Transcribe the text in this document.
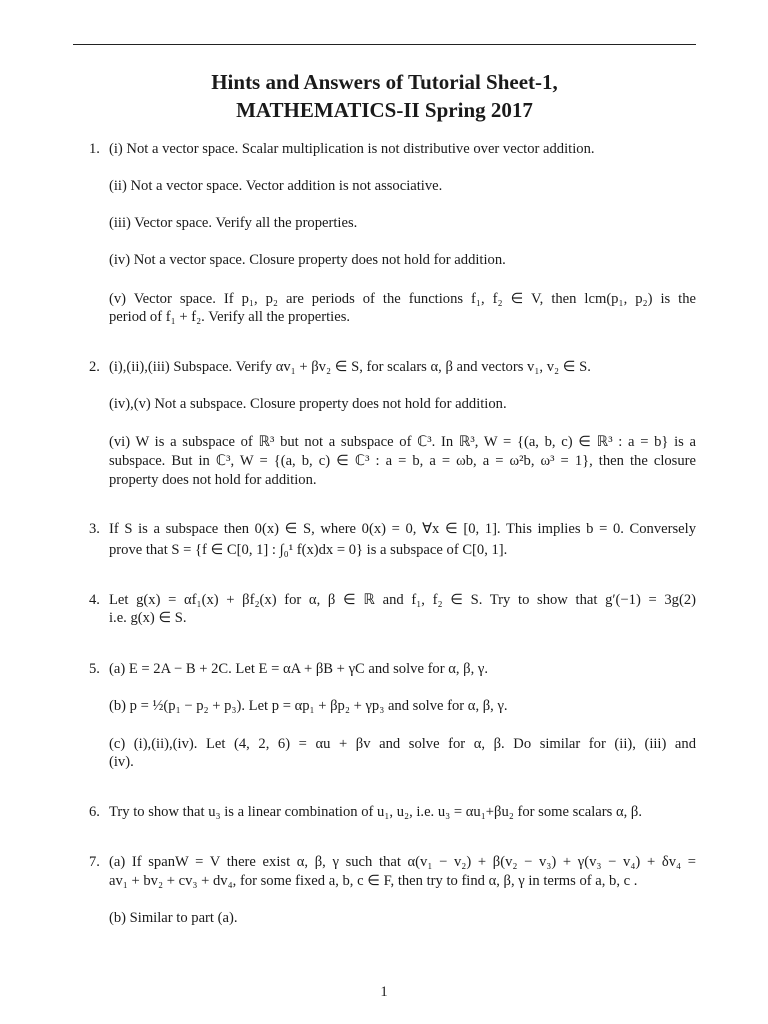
Hints and Answers of Tutorial Sheet-1,
MATHEMATICS-II Spring 2017
1. (i) Not a vector space. Scalar multiplication is not distributive over vector addition.
(ii) Not a vector space. Vector addition is not associative.
(iii) Vector space. Verify all the properties.
(iv) Not a vector space. Closure property does not hold for addition.
(v) Vector space. If p₁, p₂ are periods of the functions f₁, f₂ ∈ V, then lcm(p₁, p₂) is the
period of f₁ + f₂. Verify all the properties.
2. (i),(ii),(iii) Subspace. Verify αv₁ + βv₂ ∈ S, for scalars α, β and vectors v₁, v₂ ∈ S.
(iv),(v) Not a subspace. Closure property does not hold for addition.
(vi) W is a subspace of ℝ³ but not a subspace of ℂ³. In ℝ³, W = {(a, b, c) ∈ ℝ³ : a = b} is a
subspace. But in ℂ³, W = {(a, b, c) ∈ ℂ³ : a = b, a = ωb, a = ω²b, ω³ = 1}, then the closure
property does not hold for addition.
3. If S is a subspace then 0(x) ∈ S, where 0(x) = 0, ∀x ∈ [0, 1]. This implies b = 0. Conversely
prove that S = {f ∈ C[0, 1] : ∫₀¹ f(x)dx = 0} is a subspace of C[0, 1].
4. Let g(x) = αf₁(x) + βf₂(x) for α, β ∈ ℝ and f₁, f₂ ∈ S. Try to show that g′(−1) = 3g(2)
i.e. g(x) ∈ S.
5. (a) E = 2A − B + 2C. Let E = αA + βB + γC and solve for α, β, γ.
(b) p = ½(p₁ − p₂ + p₃). Let p = αp₁ + βp₂ + γp₃ and solve for α, β, γ.
(c) (i),(ii),(iv). Let (4, 2, 6) = αu + βv and solve for α, β. Do similar for (ii), (iii) and
(iv).
6. Try to show that u₃ is a linear combination of u₁, u₂, i.e. u₃ = αu₁+βu₂ for some scalars α, β.
7. (a) If spanW = V there exist α, β, γ such that α(v₁ − v₂) + β(v₂ − v₃) + γ(v₃ − v₄) + δv₄ =
av₁ + bv₂ + cv₃ + dv₄, for some fixed a, b, c ∈ F, then try to find α, β, γ in terms of a, b, c .
(b) Similar to part (a).
1
